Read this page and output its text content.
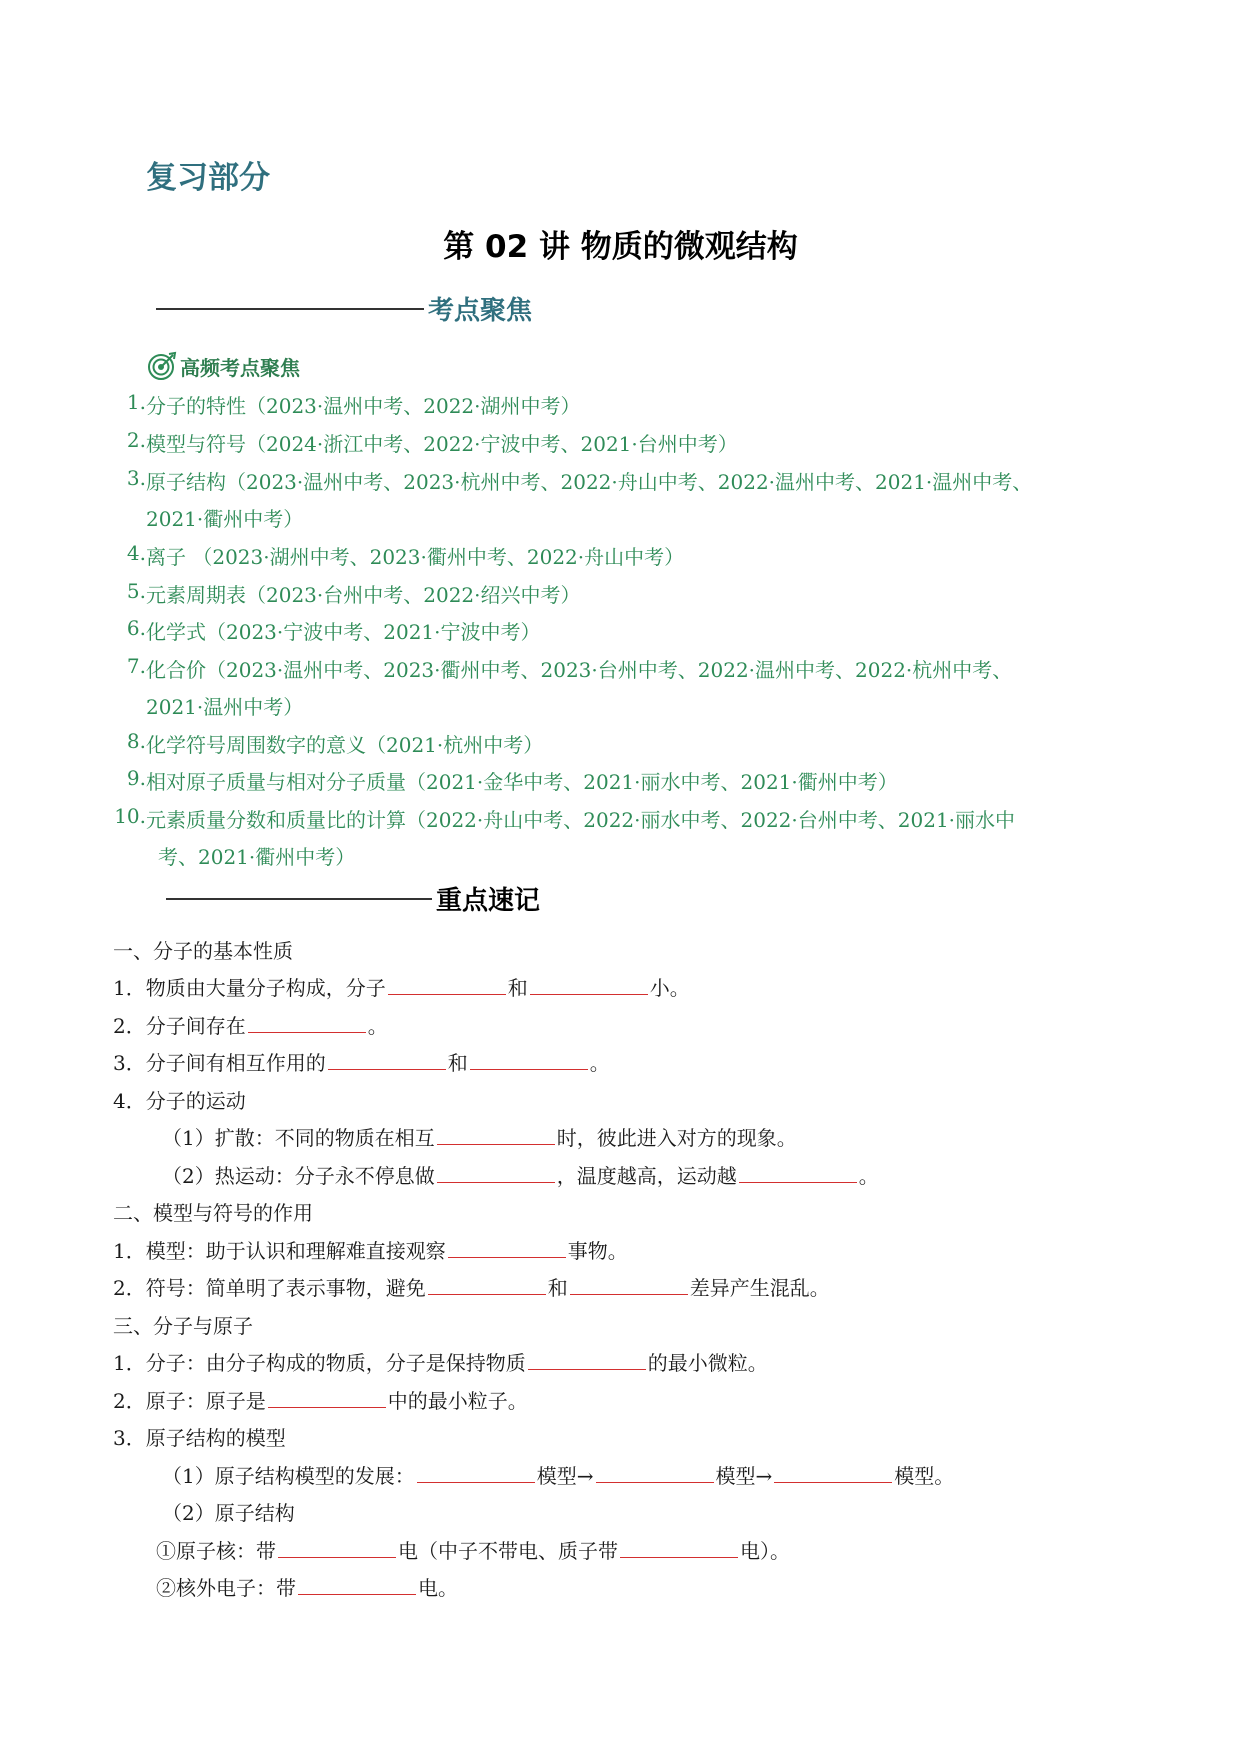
复习部分
第 02 讲 物质的微观结构
考点聚焦
高频考点聚焦
1. 分子的特性（2023·温州中考、2022·湖州中考）
2. 模型与符号（2024·浙江中考、2022·宁波中考、2021·台州中考）
3. 原子结构（2023·温州中考、2023·杭州中考、2022·舟山中考、2022·温州中考、2021·温州中考、
2021·衢州中考）
4. 离子 （2023·湖州中考、2023·衢州中考、2022·舟山中考）
5. 元素周期表（2023·台州中考、2022·绍兴中考）
6. 化学式（2023·宁波中考、2021·宁波中考）
7. 化合价（2023·温州中考、2023·衢州中考、2023·台州中考、2022·温州中考、2022·杭州中考、
2021·温州中考）
8. 化学符号周围数字的意义（2021·杭州中考）
9. 相对原子质量与相对分子质量（2021·金华中考、2021·丽水中考、2021·衢州中考）
10. 元素质量分数和质量比的计算（2022·舟山中考、2022·丽水中考、2022·台州中考、2021·丽水中
考、2021·衢州中考）
重点速记
一、分子的基本性质
1．物质由大量分子构成，分子	和	小。
2．分子间存在	。
3．分子间有相互作用的	和	。
4．分子的运动
（1）扩散：不同的物质在相互	时，彼此进入对方的现象。
（2）热运动：分子永不停息做	，温度越高，运动越	。
二、模型与符号的作用
1．模型：助于认识和理解难直接观察	事物。
2．符号：简单明了表示事物，避免	和	差异产生混乱。
三、分子与原子
1．分子：由分子构成的物质，分子是保持物质	的最小微粒。
2．原子：原子是	中的最小粒子。
3．原子结构的模型
（1）原子结构模型的发展：	模型→	模型→	模型。
（2）原子结构
①原子核：带	电（中子不带电、质子带	电）。
②核外电子：带	电。
